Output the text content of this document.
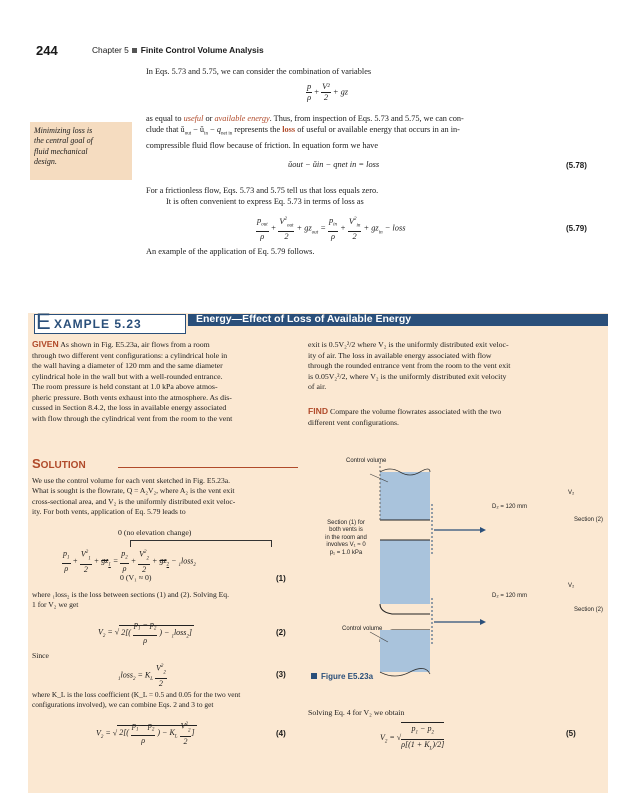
244	Chapter 5 Finite Control Volume Analysis
In Eqs. 5.73 and 5.75, we can consider the combination of variables
$\frac{p}{\rho} + \frac{\text{V²}}{2}$ + gz
as equal to useful or available energy. Thus, from inspection of Eqs. 5.73 and 5.75, we can con-
clude that $ǔ_{out}$ − $ǔ_{in} - q_{net in}$ represents the loss of useful or available energy that occurs in an in-
compressible fluid flow because of friction. In equation form we have
Minimizing loss is
the central goal of
fluid mechanical
design.	ǔout − ǔin − qnet in = loss	(5.78)
For a frictionless flow, Eqs. 5.73 and 5.75 tell us that loss equals zero.
It is often convenient to express Eq. 5.73 in terms of loss as
$\frac{p_{out}}{\rho} + \frac{V^2_{out}}{2} + gz_{out} = \frac{p_{in}}{\rho} + \frac{V^2_{in}}{2} + gz_{in}$ − loss	(5.79)
An example of the application of Eq. 5.79 follows.
E XAMPLE 5.23	Energy—Effect of Loss of Available Energy
GIVEN As shown in Fig. E5.23a, air flows from a room
through two different vent configurations: a cylindrical hole in
the wall having a diameter of 120 mm and the same diameter
cylindrical hole in the wall but with a well-rounded entrance.
The room pressure is held constant at 1.0 kPa above atmos-
pheric pressure. Both vents exhaust into the atmosphere. As dis-
cussed in Section 8.4.2, the loss in available energy associated
with flow through the cylindrical vent from the room to the vent
exit is 0.5V₂²/2 where V₂ is the uniformly distributed exit veloc-
ity of air. The loss in available energy associated with flow
through the rounded entrance vent from the room to the vent exit
is 0.05V₂²/2, where V₂ is the uniformly distributed exit velocity
of air.
FIND Compare the volume flowrates associated with the two
different vent configurations.
SOLUTION
We use the control volume for each vent sketched in Fig. E5.23a.
What is sought is the flowrate, Q = A₂V₂, where A₂ is the vent exit
cross-sectional area, and V₂ is the uniformly distributed exit veloc-
ity. For both vents, application of Eq. 5.79 leads to
0 (no elevation change)
$\frac{p_1}{\rho} + \frac{V^2_1}{2} + gz_1 = \frac{p_2}{\rho} + \frac{V^2_2}{2} + gz_2$ − $_1$loss$_2$
0 (V₁ ≈ 0)	(1)
where ₁loss₂ is the loss between sections (1) and (2). Solving Eq.
1 for V₂ we get
$V_2$ = √ $2[( \frac{p_1 - p_2}{\rho}$ ) − $_1$loss$_2$]	(2)
Since
$_1$loss$_2$ = $K_L \frac{V^2_2}{2}$	(3)
where K_L is the loss coefficient (K_L = 0.5 and 0.05 for the two vent
configurations involved), we can combine Eqs. 2 and 3 to get
$V_2$ = √ $2[( \frac{p_1 - p_2}{\rho}$ ) − $K_L \frac{V^2_2}{2}$ ]	(4)
Solving Eq. 4 for V₂ we obtain
$V_2$ = √ $\frac{p_1 - p_2}{\rho[(1 + K_L)/2]}$	(5)
Control volume
V₂
D₂ = 120 mm
Section (2)
Section (1) for
both vents is
in the room and
involves V₁ ≈ 0
p₁ = 1.0 kPa
V₂
D₂ = 120 mm
Section (2)
Control volume
Figure E5.23a
